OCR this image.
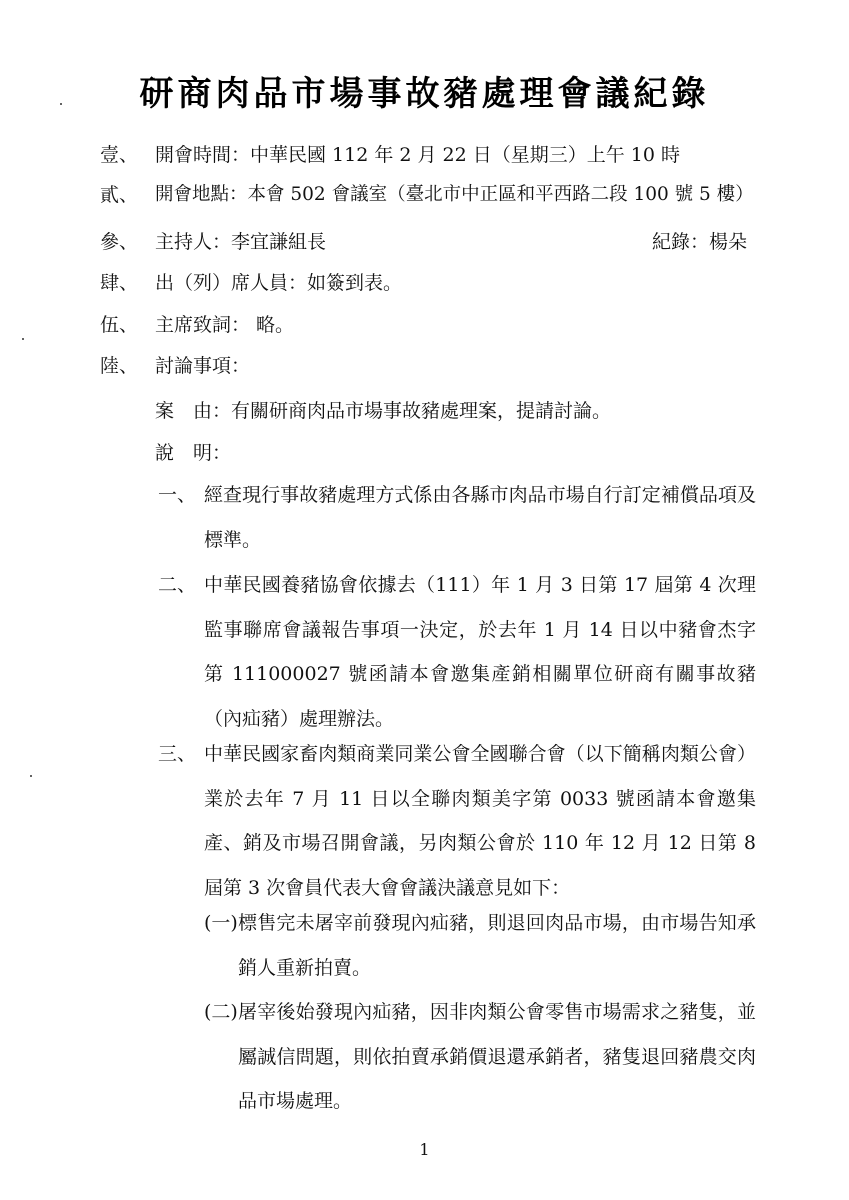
研商肉品市場事故豬處理會議紀錄
壹、 開會時間：中華民國 112 年 2 月 22 日（星期三）上午 10 時
貳、 開會地點：本會 502 會議室（臺北市中正區和平西路二段 100 號 5 樓）
參、 主持人：李宜謙組長	紀錄：楊朵
肆、 出（列）席人員：如簽到表。
伍、 主席致詞： 略。
陸、 討論事項：
案　由：有關研商肉品市場事故豬處理案，提請討論。
說　明：
一、 經查現行事故豬處理方式係由各縣市肉品市場自行訂定補償品項及標準。
二、 中華民國養豬協會依據去（111）年 1 月 3 日第 17 屆第 4 次理監事聯席會議報告事項一決定，於去年 1 月 14 日以中豬會杰字第 111000027 號函請本會邀集產銷相關單位研商有關事故豬（內疝豬）處理辦法。
三、 中華民國家畜肉類商業同業公會全國聯合會（以下簡稱肉類公會）業於去年 7 月 11 日以全聯肉類美字第 0033 號函請本會邀集產、銷及市場召開會議，另肉類公會於 110 年 12 月 12 日第 8 屆第 3 次會員代表大會會議決議意見如下：
(一) 標售完未屠宰前發現內疝豬，則退回肉品市場，由市場告知承銷人重新拍賣。
(二) 屠宰後始發現內疝豬，因非肉類公會零售市場需求之豬隻，並屬誠信問題，則依拍賣承銷價退還承銷者，豬隻退回豬農交肉品市場處理。
1
